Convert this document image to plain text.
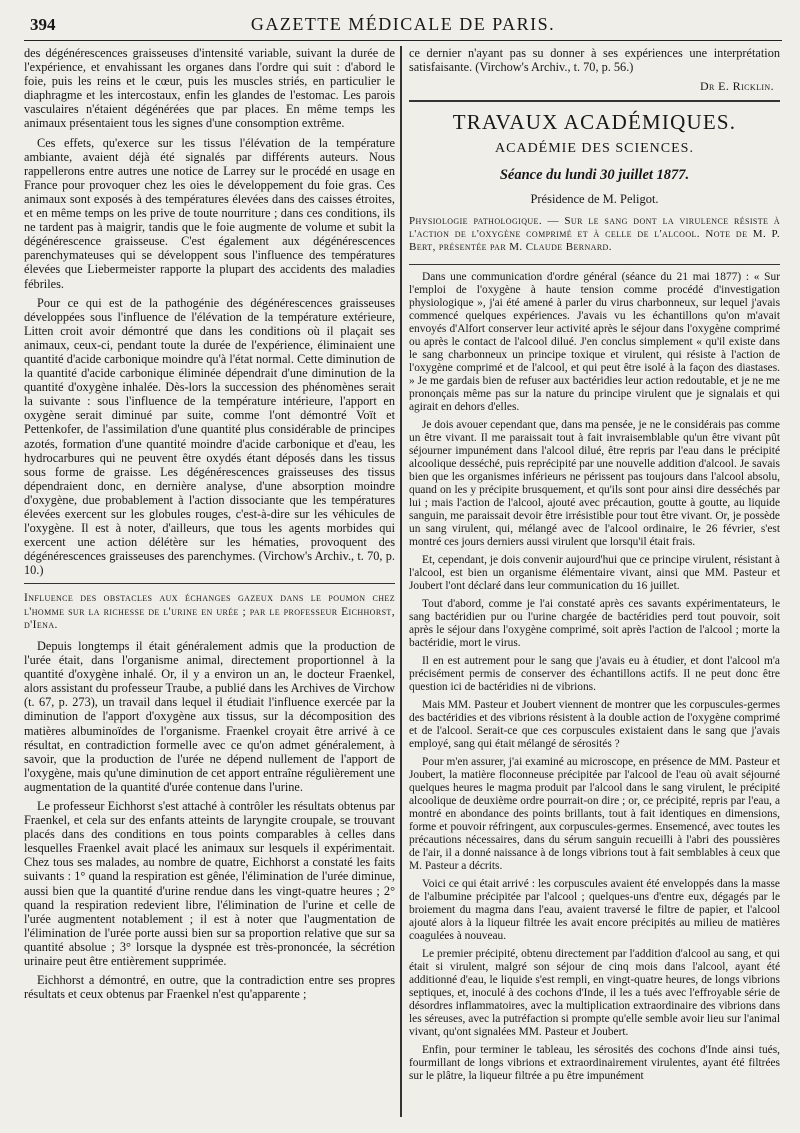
394	GAZETTE MÉDICALE DE PARIS.

des dégénérescences graisseuses d'intensité variable, suivant la durée de l'expérience, et envahissant les organes dans l'ordre qui suit : d'abord le foie, puis les reins et le cœur, puis les muscles striés, en particulier le diaphragme et les intercostaux, enfin les glandes de l'estomac. Les parois vasculaires n'étaient dégénérées que par places. En même temps les animaux présentaient tous les signes d'une consomption extrême.

Ces effets, qu'exerce sur les tissus l'élévation de la température ambiante, avaient déjà été signalés par différents auteurs. Nous rappellerons entre autres une notice de Larrey sur le procédé en usage en France pour provoquer chez les oies le développement du foie gras. Ces animaux sont exposés à des températures élevées dans des caisses étroites, et en même temps on les prive de toute nourriture ; dans ces conditions, ils ne tardent pas à maigrir, tandis que le foie augmente de volume et subit la dégénérescence graisseuse. C'est également aux dégénérescences parenchymateuses qui se développent sous l'influence des températures élevées que Liebermeister rapporte la plupart des accidents des maladies fébriles.

Pour ce qui est de la pathogénie des dégénérescences graisseuses développées sous l'influence de l'élévation de la température extérieure, Litten croit avoir démontré que dans les conditions où il plaçait ses animaux, ceux-ci, pendant toute la durée de l'expérience, éliminaient une quantité d'acide carbonique moindre qu'à l'état normal. Cette diminution de la quantité d'acide carbonique éliminée dépendrait d'une diminution de la quantité d'oxygène inhalée. Dès-lors la succession des phénomènes serait la suivante : sous l'influence de la température intérieure, l'apport en oxygène serait diminué par suite, comme l'ont démontré Voït et Pettenkofer, de l'assimilation d'une quantité plus considérable de principes azotés, formation d'une quantité moindre d'acide carbonique et d'eau, les hydrocarbures qui ne peuvent être oxydés étant déposés dans les tissus sous forme de graisse. Les dégénérescences graisseuses des tissus dépendraient donc, en dernière analyse, d'une absorption moindre d'oxygène, due probablement à l'action dissociante que les températures élevées exercent sur les globules rouges, c'est-à-dire sur les véhicules de l'oxygène. Il est à noter, d'ailleurs, que tous les agents morbides qui exercent une action délétère sur les hématies, provoquent des dégénérescences graisseuses des parenchymes. (Virchow's Archiv., t. 70, p. 10.)

Influence des obstacles aux échanges gazeux dans le poumon chez l'homme sur la richesse de l'urine en urée ; par le professeur Eichhorst, d'Iena.

Depuis longtemps il était généralement admis que la production de l'urée était, dans l'organisme animal, directement proportionnel à la quantité d'oxygène inhalé. Or, il y a environ un an, le docteur Fraenkel, alors assistant du professeur Traube, a publié dans les Archives de Virchow (t. 67, p. 273), un travail dans lequel il étudiait l'influence exercée par la diminution de l'apport d'oxygène aux tissus, sur la décomposition des matières albuminoïdes de l'organisme. Fraenkel croyait être arrivé à ce résultat, en contradiction formelle avec ce qu'on admet généralement, à savoir, que la production de l'urée ne dépend nullement de l'apport de l'oxygène, mais qu'une diminution de cet apport entraîne régulièrement une augmentation de la quantité d'urée contenue dans l'urine.

Le professeur Eichhorst s'est attaché à contrôler les résultats obtenus par Fraenkel, et cela sur des enfants atteints de laryngite croupale, se trouvant placés dans des conditions en tous points comparables à celles dans lesquelles Fraenkel avait placé les animaux sur lesquels il expérimentait. Chez tous ses malades, au nombre de quatre, Eichhorst a constaté les faits suivants : 1° quand la respiration est gênée, l'élimination de l'urée diminue, aussi bien que la quantité d'urine rendue dans les vingt-quatre heures ; 2° quand la respiration redevient libre, l'élimination de l'urine et celle de l'urée augmentent notablement ; il est à noter que l'augmentation de l'élimination de l'urée porte aussi bien sur sa proportion relative que sur sa quantité absolue ; 3° lorsque la dyspnée est très-prononcée, la sécrétion urinaire peut être entièrement supprimée.

Eichhorst a démontré, en outre, que la contradiction entre ses propres résultats et ceux obtenus par Fraenkel n'est qu'apparente ;

ce dernier n'ayant pas su donner à ses expériences une interprétation satisfaisante. (Virchow's Archiv., t. 70, p. 56.)

Dr E. Ricklin.
TRAVAUX ACADÉMIQUES.
ACADÉMIE DES SCIENCES.
Séance du lundi 30 juillet 1877.
Présidence de M. Peligot.
Physiologie pathologique. — Sur le sang dont la virulence résiste à l'action de l'oxygène comprimé et à celle de l'alcool. Note de M. P. Bert, présentée par M. Claude Bernard.

Dans une communication d'ordre général (séance du 21 mai 1877) : « Sur l'emploi de l'oxygène à haute tension comme procédé d'investigation physiologique », j'ai été amené à parler du virus charbonneux, sur lequel j'avais commencé quelques expériences. J'avais vu les échantillons qu'on m'avait envoyés d'Alfort conserver leur activité après le séjour dans l'oxygène comprimé ou après le contact de l'alcool dilué. J'en conclus simplement « qu'il existe dans le sang charbonneux un principe toxique et virulent, qui résiste à l'action de l'oxygène comprimé et de l'alcool, et qui peut être isolé à la façon des diastases. » Je me gardais bien de refuser aux bactéridies leur action redoutable, et je ne me prononçais même pas sur la nature du principe virulent que je signalais et qui agirait en dehors d'elles.

Je dois avouer cependant que, dans ma pensée, je ne le considérais pas comme un être vivant. Il me paraissait tout à fait invraisemblable qu'un être vivant pût séjourner impunément dans l'alcool dilué, être repris par l'eau dans le précipité alcoolique desséché, puis reprécipité par une nouvelle addition d'alcool. Je savais bien que les organismes inférieurs ne périssent pas toujours dans l'alcool absolu, quand on les y précipite brusquement, et qu'ils sont pour ainsi dire desséchés par lui ; mais l'action de l'alcool, ajouté avec précaution, goutte à goutte, au liquide sanguin, me paraissait devoir être irrésistible pour tout être vivant. Or, je possède un sang virulent, qui, mélangé avec de l'alcool ordinaire, le 26 février, s'est montré ces jours derniers aussi virulent que lorsqu'il était frais.

Et, cependant, je dois convenir aujourd'hui que ce principe virulent, résistant à l'alcool, est bien un organisme élémentaire vivant, ainsi que MM. Pasteur et Joubert l'ont déclaré dans leur communication du 16 juillet.

Tout d'abord, comme je l'ai constaté après ces savants expérimentateurs, le sang bactéridien pur ou l'urine chargée de bactéridies perd tout pouvoir, soit après le séjour dans l'oxygène comprimé, soit après l'action de l'alcool ; morte la bactéridie, mort le virus.

Il en est autrement pour le sang que j'avais eu à étudier, et dont l'alcool m'a précisément permis de conserver des échantillons actifs. Il ne peut donc être question ici de bactéridies ni de vibrions.

Mais MM. Pasteur et Joubert viennent de montrer que les corpuscules-germes des bactéridies et des vibrions résistent à la double action de l'oxygène comprimé et de l'alcool. Serait-ce que ces corpuscules existaient dans le sang que j'avais employé, sang qui était mélangé de sérosités ?

Pour m'en assurer, j'ai examiné au microscope, en présence de MM. Pasteur et Joubert, la matière floconneuse précipitée par l'alcool de l'eau où avait séjourné quelques heures le magma produit par l'alcool dans le sang virulent, le précipité alcoolique de deuxième ordre pourrait-on dire ; or, ce précipité, repris par l'eau, a montré en abondance des points brillants, tout à fait identiques en dimensions, forme et pouvoir réfringent, aux corpuscules-germes. Ensemencé, avec toutes les précautions nécessaires, dans du sérum sanguin recueilli à l'abri des poussières de l'air, il a donné naissance à de longs vibrions tout à fait semblables à ceux que M. Pasteur a décrits.

Voici ce qui était arrivé : les corpuscules avaient été enveloppés dans la masse de l'albumine précipitée par l'alcool ; quelques-uns d'entre eux, dégagés par le broiement du magma dans l'eau, avaient traversé le filtre de papier, et l'alcool ajouté alors à la liqueur filtrée les avait encore précipités au milieu de matières coagulées à nouveau.

Le premier précipité, obtenu directement par l'addition d'alcool au sang, et qui était si virulent, malgré son séjour de cinq mois dans l'alcool, ayant été additionné d'eau, le liquide s'est rempli, en vingt-quatre heures, de longs vibrions septiques, et, inoculé à des cochons d'Inde, il les a tués avec l'effroyable série de désordres inflammatoires, avec la multiplication extraordinaire des vibrions dans les séreuses, avec la putréfaction si prompte qu'elle semble avoir lieu sur l'animal vivant, qu'ont signalées MM. Pasteur et Joubert.

Enfin, pour terminer le tableau, les sérosités des cochons d'Inde ainsi tués, fourmillant de longs vibrions et extraordinairement virulentes, ayant été filtrées sur le plâtre, la liqueur filtrée a pu être impunément
